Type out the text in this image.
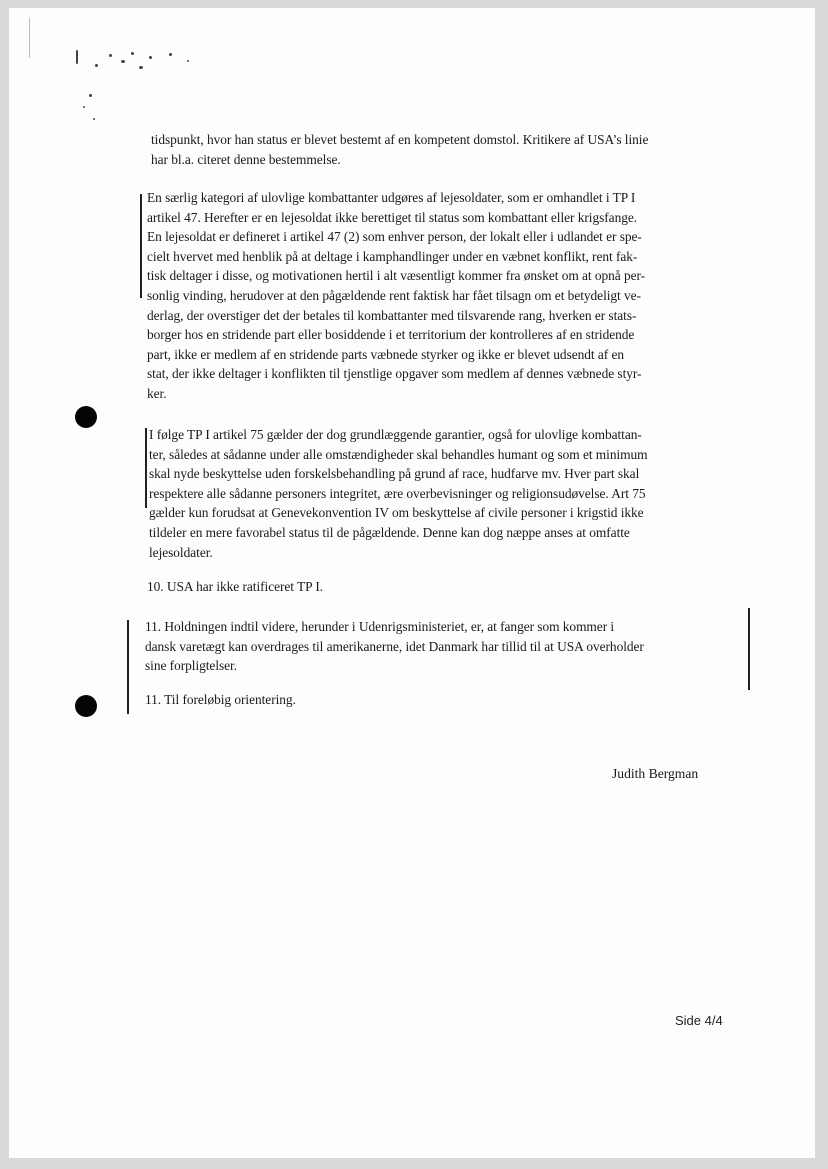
tidspunkt, hvor han status er blevet bestemt af en kompetent domstol. Kritikere af USA’s linie
har bl.a. citeret denne bestemmelse.
En særlig kategori af ulovlige kombattanter udgøres af lejesoldater, som er omhandlet i TP I
artikel 47. Herefter er en lejesoldat ikke berettiget til status som kombattant eller krigsfange.
En lejesoldat er defineret i artikel 47 (2) som enhver person, der lokalt eller i udlandet er spe-
cielt hvervet med henblik på at deltage i kamphandlinger under en væbnet konflikt, rent fak-
tisk deltager i disse, og motivationen hertil i alt væsentligt kommer fra ønsket om at opnå per-
sonlig vinding, herudover at den pågældende rent faktisk har fået tilsagn om et betydeligt ve-
derlag, der overstiger det der betales til kombattanter med tilsvarende rang, hverken er stats-
borger hos en stridende part eller bosiddende i et territorium der kontrolleres af en stridende
part, ikke er medlem af en stridende parts væbnede styrker og ikke er blevet udsendt af en
stat, der ikke deltager i konflikten til tjenstlige opgaver som medlem af dennes væbnede styr-
ker.
I følge TP I artikel 75 gælder der dog grundlæggende garantier, også for ulovlige kombattan-
ter, således at sådanne under alle omstændigheder skal behandles humant og som et minimum
skal nyde beskyttelse uden forskelsbehandling på grund af race, hudfarve mv. Hver part skal
respektere alle sådanne personers integritet, ære overbevisninger og religionsudøvelse. Art 75
gælder kun forudsat at Genevekonvention IV om beskyttelse af civile personer i krigstid ikke
tildeler en mere favorabel status til de pågældende. Denne kan dog næppe anses at omfatte
lejesoldater.
10. USA har ikke ratificeret TP I.
11. Holdningen indtil videre, herunder i Udenrigsministeriet, er, at fanger som kommer i
dansk varetægt kan overdrages til amerikanerne, idet Danmark har tillid til at USA overholder
sine forpligtelser.
11. Til foreløbig orientering.
Judith Bergman
Side 4/4
